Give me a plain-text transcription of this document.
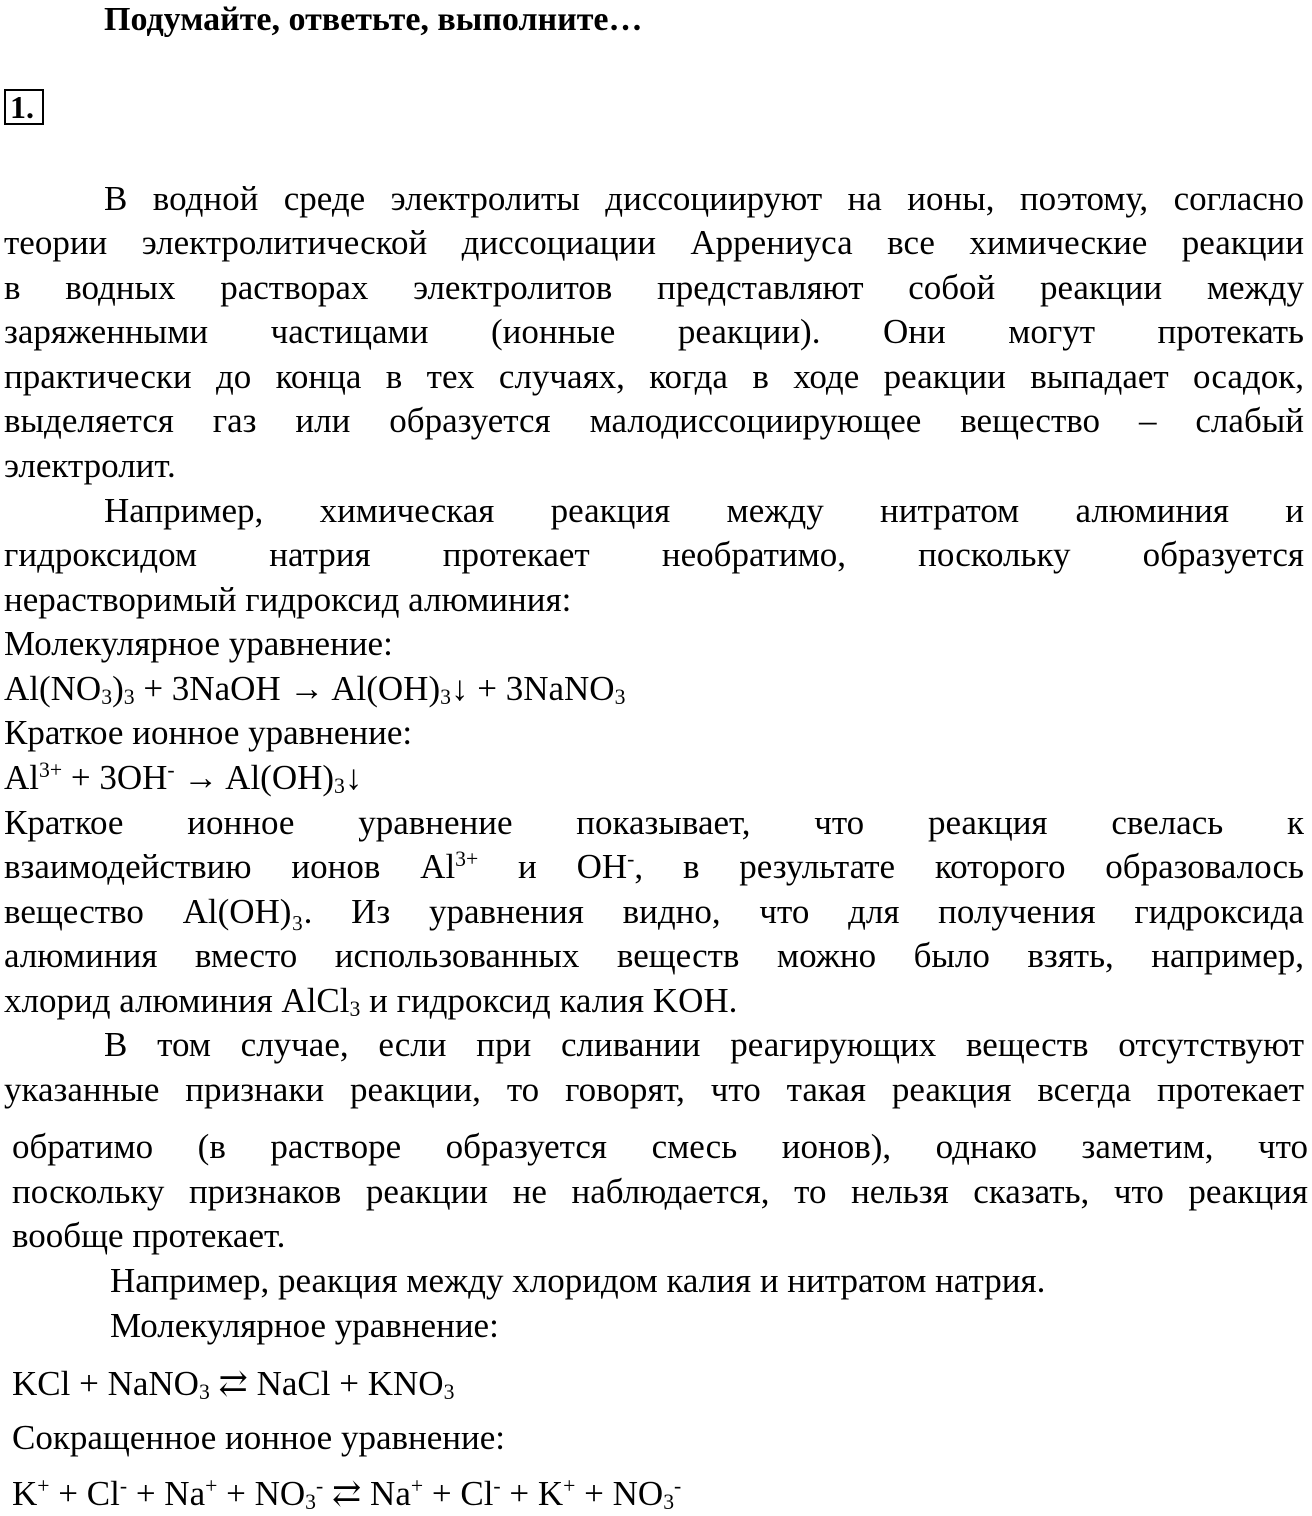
Подумайте, ответьте, выполните…
1.
В водной среде электролиты диссоциируют на ионы, поэтому, согласно
теории электролитической диссоциации Аррениуса все химические реакции
в водных растворах электролитов представляют собой реакции между
заряженными частицами (ионные реакции). Они могут протекать
практически до конца в тех случаях, когда в ходе реакции выпадает осадок,
выделяется газ или образуется малодиссоциирующее вещество – слабый
электролит.
Например, химическая реакция между нитратом алюминия и
гидроксидом натрия протекает необратимо, поскольку образуется
нерастворимый гидроксид алюминия:
Молекулярное уравнение:
$Al(NO_3)_3$ + 3NaOH → $Al(OH)_3↓$ + 3NaNO$_3$
Краткое ионное уравнение:
$Al^{3+} + 3OH^-$ → $Al(OH)_3↓$
Краткое ионное уравнение показывает, что реакция свелась к
взаимодействию ионов $Al^{3+}$ и OH-, в результате которого образовалось
вещество Al(OH)₃. Из уравнения видно, что для получения гидроксида
алюминия вместо использованных веществ можно было взять, например,
хлорид алюминия AlCl$_3$ и гидроксид калия KOH.
В том случае, если при сливании реагирующих веществ отсутствуют
указанные признаки реакции, то говорят, что такая реакция всегда протекает
обратимо (в растворе образуется смесь ионов), однако заметим, что
поскольку признаков реакции не наблюдается, то нельзя сказать, что реакция
вообще протекает.
Например, реакция между хлоридом калия и нитратом натрия.
Молекулярное уравнение:
KCl + NaNO$_3$ ⇄ NaCl + $KNO_3$
Сокращенное ионное уравнение:
$K^+ + Cl^- + Na^+ + NO_3^-$ ⇄ $Na^+ + Cl^- + K^+ + NO_3^-$
